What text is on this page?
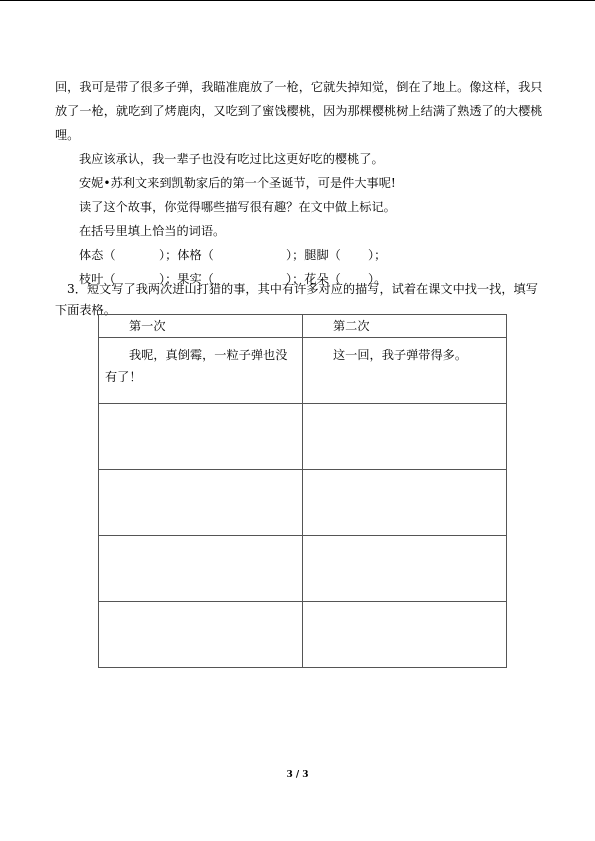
回，我可是带了很多子弹，我瞄准鹿放了一枪，它就失掉知觉，倒在了地上。像这样，我只
放了一枪，就吃到了烤鹿肉，又吃到了蜜饯樱桃，因为那棵樱桃树上结满了熟透了的大樱桃
哩。
我应该承认，我一辈子也没有吃过比这更好吃的樱桃了。
安妮•苏利文来到凯勒家后的第一个圣诞节，可是件大事呢!
读了这个故事，你觉得哪些描写很有趣？在文中做上标记。
在括号里填上恰当的词语。
体态（	）；体格（	）；腿脚（ ）；
枝叶（	）；果实（	）；花朵（ ）。
3．短文写了我两次进山打猎的事，其中有许多对应的描写，试着在课文中找一找，填写
下面表格。
第一次	第二次
我呢，真倒霉，一粒子弹也没有了！	这一回，我子弹带得多。

3 / 3
